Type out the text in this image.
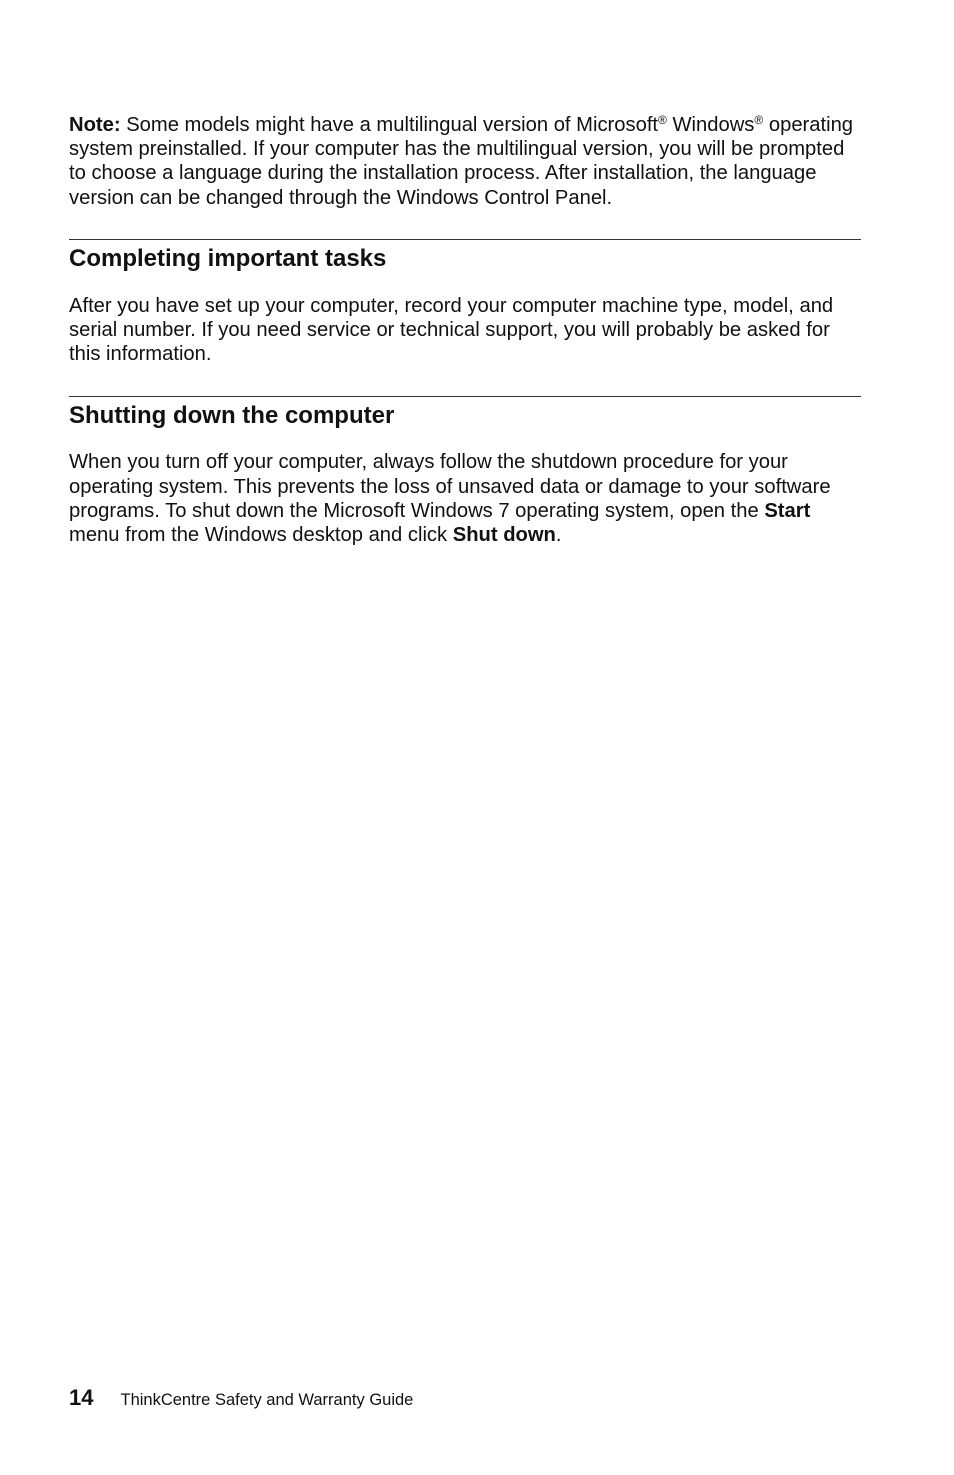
Note: Some models might have a multilingual version of Microsoft® Windows® operating system preinstalled. If your computer has the multilingual version, you will be prompted to choose a language during the installation process. After installation, the language version can be changed through the Windows Control Panel.

Completing important tasks

After you have set up your computer, record your computer machine type, model, and serial number. If you need service or technical support, you will probably be asked for this information.

Shutting down the computer

When you turn off your computer, always follow the shutdown procedure for your operating system. This prevents the loss of unsaved data or damage to your software programs. To shut down the Microsoft Windows 7 operating system, open the Start menu from the Windows desktop and click Shut down.

14 ThinkCentre Safety and Warranty Guide
